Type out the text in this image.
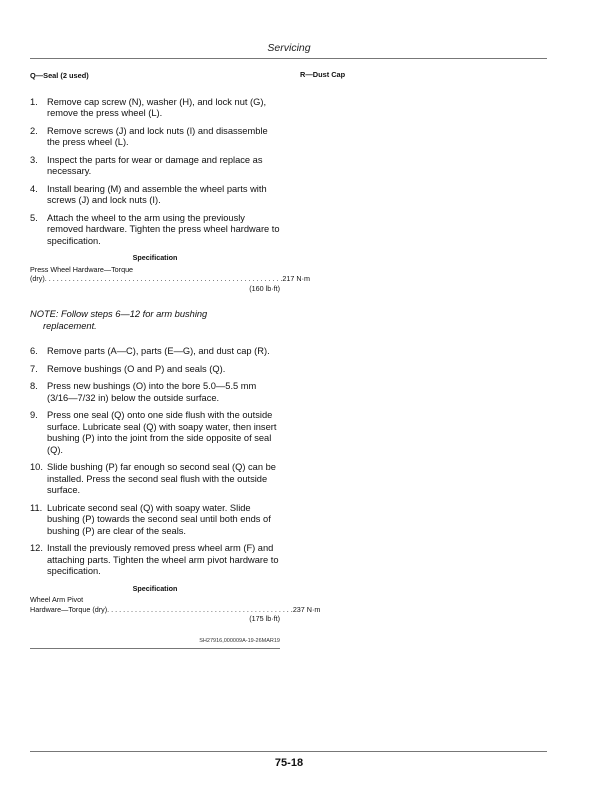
Servicing
Q—Seal (2 used)
1. Remove cap screw (N), washer (H), and lock nut (G), remove the press wheel (L).
2. Remove screws (J) and lock nuts (I) and disassemble the press wheel (L).
3. Inspect the parts for wear or damage and replace as necessary.
4. Install bearing (M) and assemble the wheel parts with screws (J) and lock nuts (I).
5. Attach the wheel to the arm using the previously removed hardware. Tighten the press wheel hardware to specification.
Specification
Press Wheel Hardware—Torque
(dry). . . . . . . . . . . . . . . . . . . . . . . . . . . . . . . . . . . . . . . . . . . . . . . . . . . . . . . . . . . . 217 N·m
(160 lb·ft)
NOTE: Follow steps 6—12 for arm bushing
replacement.
6. Remove parts (A—C), parts (E—G), and dust cap (R).
7. Remove bushings (O and P) and seals (Q).
8. Press new bushings (O) into the bore 5.0—5.5 mm (3/16—7/32 in) below the outside surface.
9. Press one seal (Q) onto one side flush with the outside surface. Lubricate seal (Q) with soapy water, then insert bushing (P) into the joint from the side opposite of seal (Q).
10. Slide bushing (P) far enough so second seal (Q) can be installed. Press the second seal flush with the outside surface.
11. Lubricate second seal (Q) with soapy water. Slide bushing (P) towards the second seal until both ends of bushing (P) are clear of the seals.
12. Install the previously removed press wheel arm (F) and attaching parts. Tighten the wheel arm pivot hardware to specification.
Specification
Wheel Arm Pivot
Hardware—Torque (dry). . . . . . . . . . . . . . . . . . . . . . . . . . . . . . . . . . . . . . . . . . . . . . . 237 N·m
(175 lb·ft)
SH27916,000009A-19-26MAR19
R—Dust Cap
75-18
